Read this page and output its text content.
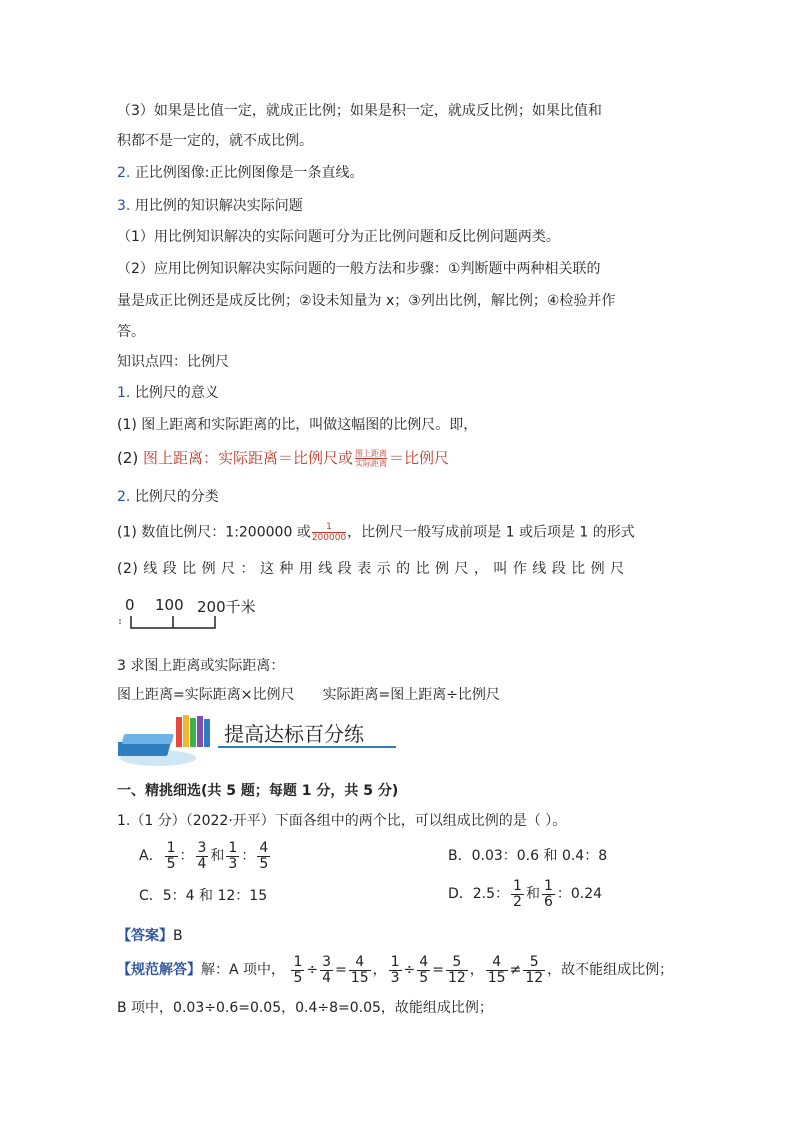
（3）如果是比值一定，就成正比例；如果是积一定，就成反比例；如果比值和
积都不是一定的，就不成比例。
2. 正比例图像:正比例图像是一条直线。
3. 用比例的知识解决实际问题
（1）用比例知识解决的实际问题可分为正比例问题和反比例问题两类。
（2）应用比例知识解决实际问题的一般方法和步骤：①判断题中两种相关联的
量是成正比例还是成反比例；②设未知量为 x；③列出比例，解比例；④检验并作
答。
知识点四：比例尺
1. 比例尺的意义
(1) 图上距离和实际距离的比，叫做这幅图的比例尺。即，
(2) 图上距离：实际距离＝比例尺或 图上距离
实际距离 ＝比例尺
2. 比例尺的分类
(1) 数值比例尺：1:200000 或 $\frac{1}{200000}$ ，比例尺一般写成前项是 1 或后项是 1 的形式
(2) 线 段 比 例 尺 ： 这 种 用 线 段 表 示 的 比 例 尺 ， 叫 作 线 段 比 例 尺
0 100 200千米
3 求图上距离或实际距离：
图上距离=实际距离×比例尺 实际距离=图上距离÷比例尺
提高达标百分练
一、精挑细选(共 5 题；每题 1 分，共 5 分)
1.（1 分）（2022·开平）下面各组中的两个比，可以组成比例的是（ ）。
A． $\frac{1}{5}$ ： $\frac{3}{4}$ 和 $\frac{1}{3}$ ： $\frac{4}{5}$	B．0.03：0.6 和 0.4：8
C．5：4 和 12：15	D．2.5： $\frac{1}{2}$ 和 $\frac{1}{6}$ ：0.24
【答案】B
【规范解答】解：A 项中， $\frac{1}{5} \div \frac{3}{4} = \frac{4}{15}$ ， $\frac{1}{3} \div \frac{4}{5} = \frac{5}{12}$ ， $\frac{4}{15} \ne \frac{5}{12}$ ，故不能组成比例；
B 项中，0.03÷0.6=0.05，0.4÷8=0.05，故能组成比例；
